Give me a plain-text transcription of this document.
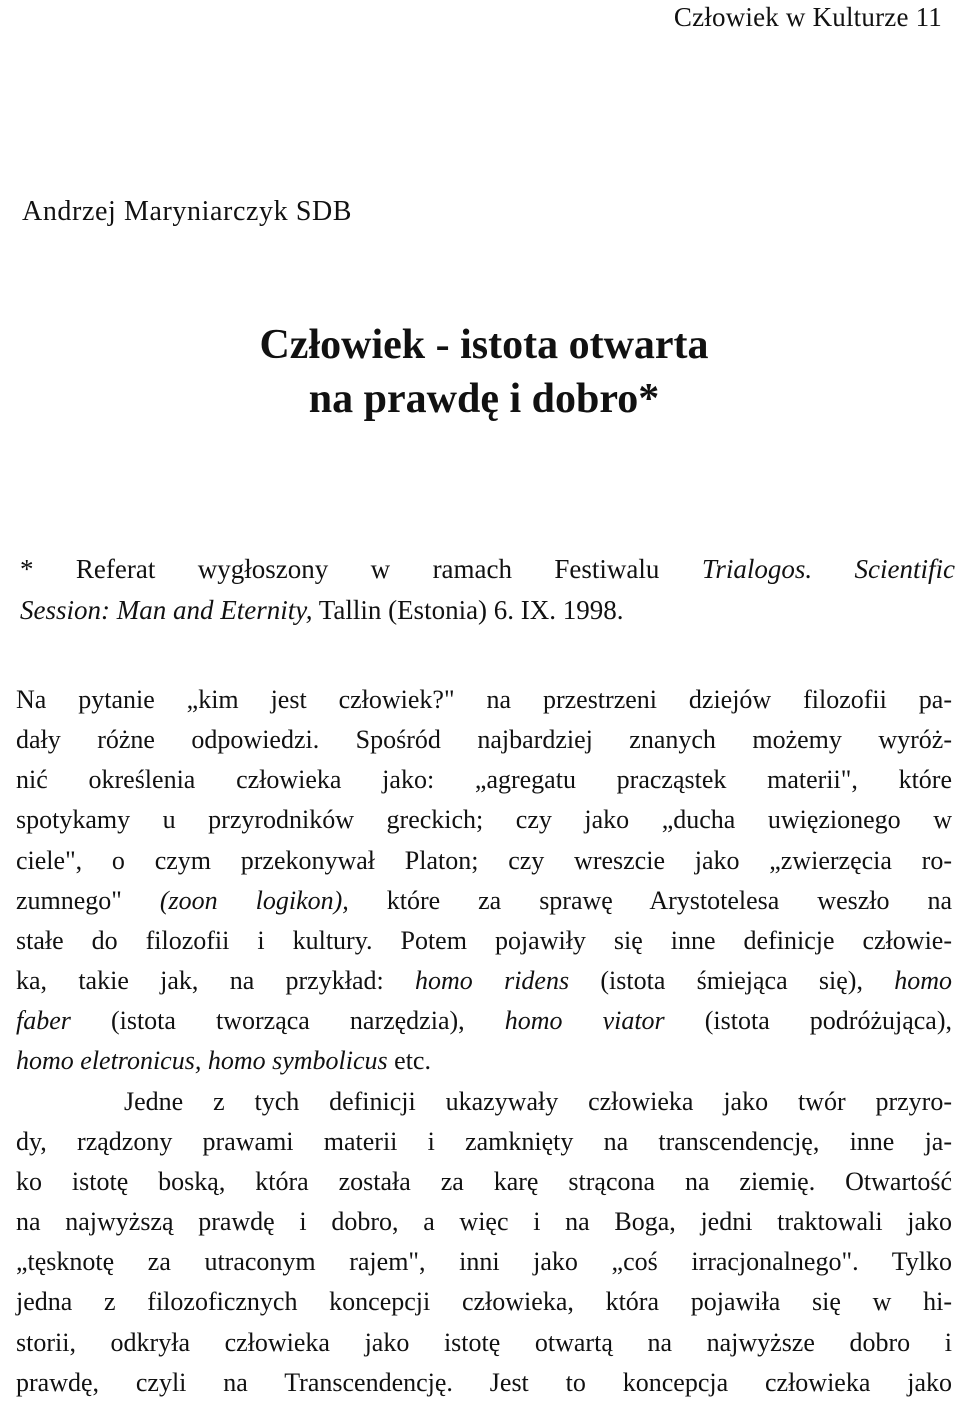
Człowiek w Kulturze 11
Andrzej Maryniarczyk SDB
Człowiek - istota otwarta
na prawdę i dobro*
* Referat wygłoszony w ramach Festiwalu Trialogos. Scientific
Session: Man and Eternity, Tallin (Estonia) 6. IX. 1998.
Na pytanie „kim jest człowiek?" na przestrzeni dziejów filozofii pa-
dały różne odpowiedzi. Spośród najbardziej znanych możemy wyróż-
nić określenia człowieka jako: „agregatu pracząstek materii", które
spotykamy u przyrodników greckich; czy jako „ducha uwięzionego w
ciele", o czym przekonywał Platon; czy wreszcie jako „zwierzęcia ro-
zumnego" (zoon logikon), które za sprawę Arystotelesa weszło na
stałe do filozofii i kultury. Potem pojawiły się inne definicje człowie-
ka, takie jak, na przykład: homo ridens (istota śmiejąca się), homo
faber (istota tworząca narzędzia), homo viator (istota podróżująca),
homo eletronicus, homo symbolicus etc.
Jedne z tych definicji ukazywały człowieka jako twór przyro-
dy, rządzony prawami materii i zamknięty na transcendencję, inne ja-
ko istotę boską, która została za karę strącona na ziemię. Otwartość
na najwyższą prawdę i dobro, a więc i na Boga, jedni traktowali jako
„tęsknotę za utraconym rajem", inni jako „coś irracjonalnego". Tylko
jedna z filozoficznych koncepcji człowieka, która pojawiła się w hi-
storii, odkryła człowieka jako istotę otwartą na najwyższe dobro i
prawdę, czyli na Transcendencję. Jest to koncepcja człowieka jako
